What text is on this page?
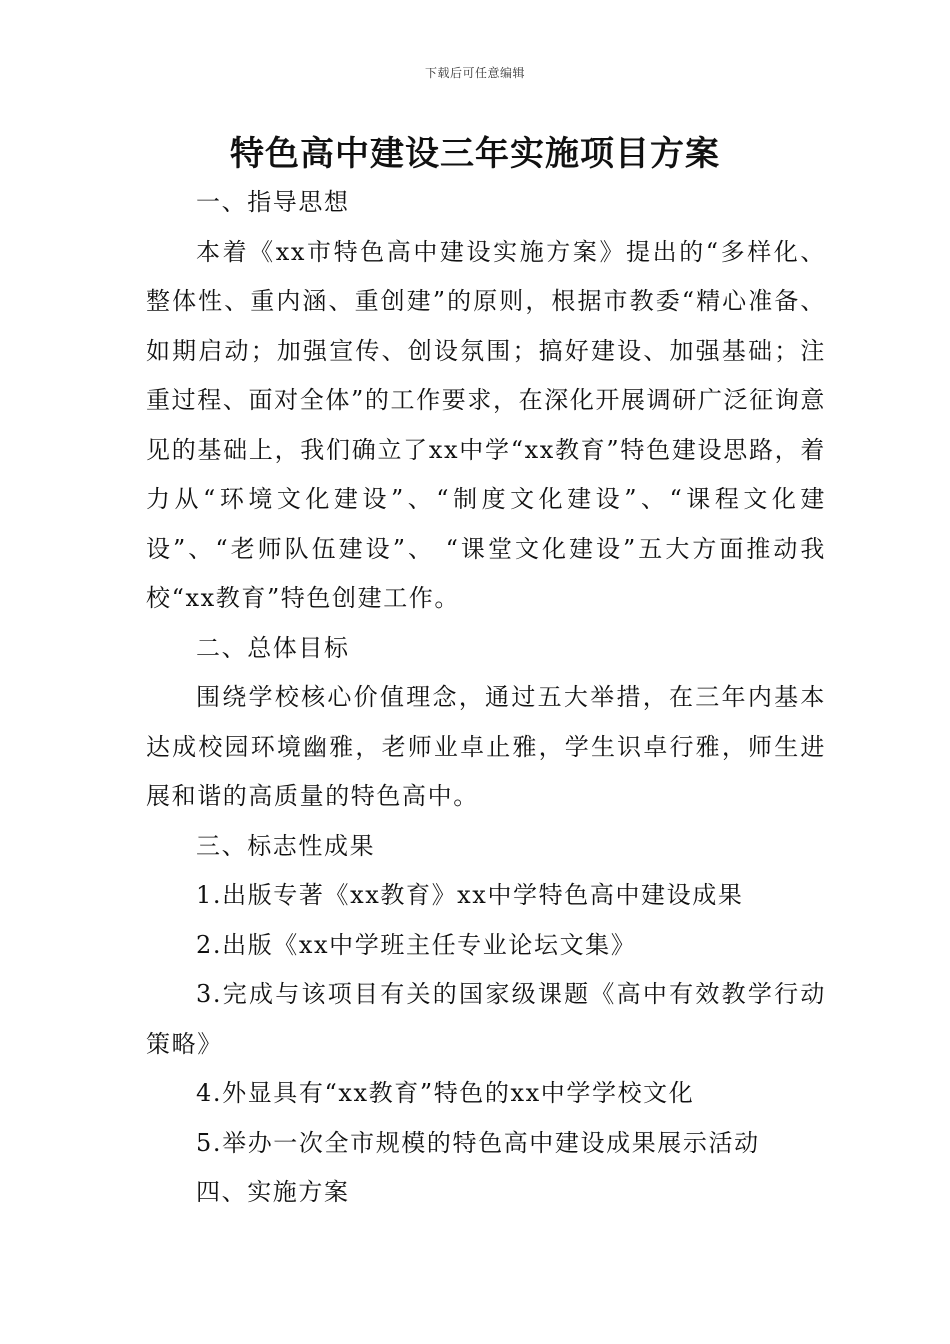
下载后可任意编辑
特色高中建设三年实施项目方案

一、指导思想

本着《xx市特色高中建设实施方案》提出的“多样化、整体性、重内涵、重创建”的原则，根据市教委“精心准备、如期启动；加强宣传、创设氛围；搞好建设、加强基础；注重过程、面对全体”的工作要求，在深化开展调研广泛征询意见的基础上，我们确立了xx中学“xx教育”特色建设思路，着力从“环境文化建设”、“制度文化建设”、“课程文化建设”、“老师队伍建设”、 “课堂文化建设”五大方面推动我校“xx教育”特色创建工作。

二、总体目标

围绕学校核心价值理念，通过五大举措，在三年内基本达成校园环境幽雅，老师业卓止雅，学生识卓行雅，师生进展和谐的高质量的特色高中。

三、标志性成果

1.出版专著《xx教育》xx中学特色高中建设成果

2.出版《xx中学班主任专业论坛文集》

3.完成与该项目有关的国家级课题《高中有效教学行动策略》

4.外显具有“xx教育”特色的xx中学学校文化

5.举办一次全市规模的特色高中建设成果展示活动

四、实施方案
